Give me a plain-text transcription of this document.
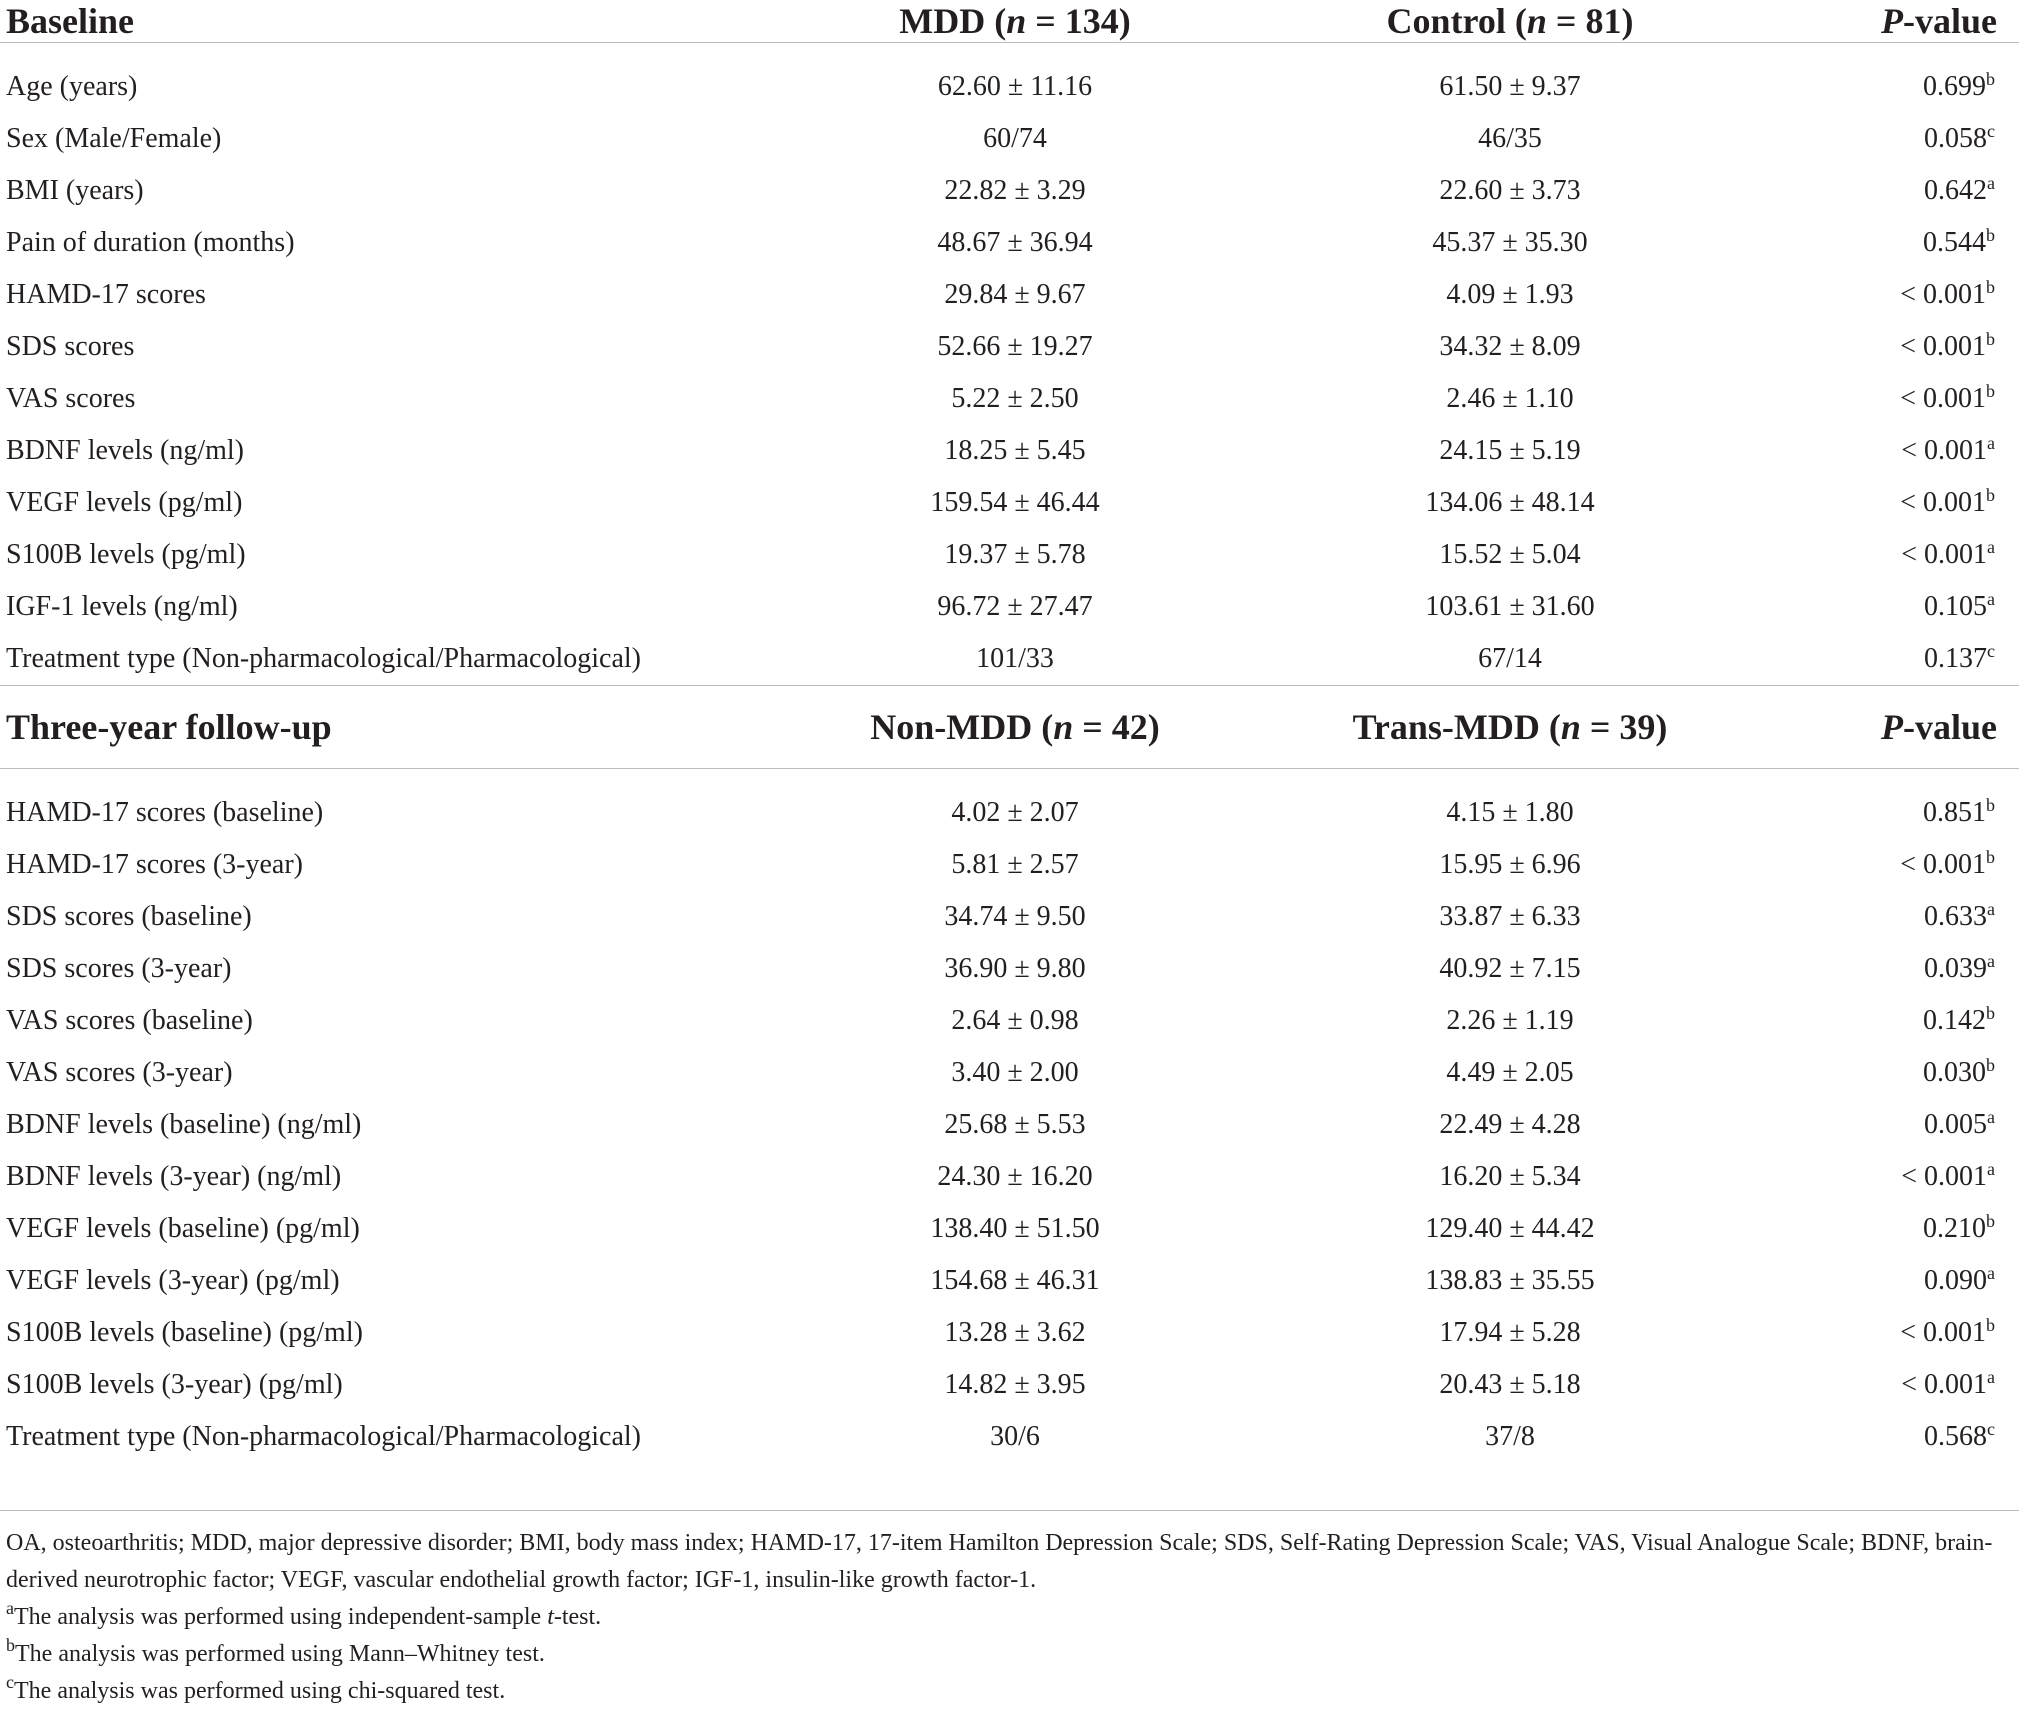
Baseline	MDD (n = 134)	Control (n = 81)	P-value

Age (years)	62.60 ± 11.16	61.50 ± 9.37	0.699$^b$
Sex (Male/Female)	60/74	46/35	0.058$^c$
BMI (years)	22.82 ± 3.29	22.60 ± 3.73	0.642$^a$
Pain of duration (months)	48.67 ± 36.94	45.37 ± 35.30	0.544$^b$
HAMD-17 scores	29.84 ± 9.67	4.09 ± 1.93	< 0.001$^b$
SDS scores	52.66 ± 19.27	34.32 ± 8.09	< 0.001$^b$
VAS scores	5.22 ± 2.50	2.46 ± 1.10	< 0.001$^b$
BDNF levels (ng/ml)	18.25 ± 5.45	24.15 ± 5.19	< 0.001$^a$
VEGF levels (pg/ml)	159.54 ± 46.44	134.06 ± 48.14	< 0.001$^b$
S100B levels (pg/ml)	19.37 ± 5.78	15.52 ± 5.04	< 0.001$^a$
IGF-1 levels (ng/ml)	96.72 ± 27.47	103.61 ± 31.60	0.105$^a$
Treatment type (Non-pharmacological/Pharmacological)	101/33	67/14	0.137$^c$
Three-year follow-up	Non-MDD (n = 42)	Trans-MDD (n = 39)	P-value

HAMD-17 scores (baseline)	4.02 ± 2.07	4.15 ± 1.80	0.851$^b$
HAMD-17 scores (3-year)	5.81 ± 2.57	15.95 ± 6.96	< 0.001$^b$
SDS scores (baseline)	34.74 ± 9.50	33.87 ± 6.33	0.633$^a$
SDS scores (3-year)	36.90 ± 9.80	40.92 ± 7.15	0.039$^a$
VAS scores (baseline)	2.64 ± 0.98	2.26 ± 1.19	0.142$^b$
VAS scores (3-year)	3.40 ± 2.00	4.49 ± 2.05	0.030$^b$
BDNF levels (baseline) (ng/ml)	25.68 ± 5.53	22.49 ± 4.28	0.005$^a$
BDNF levels (3-year) (ng/ml)	24.30 ± 16.20	16.20 ± 5.34	< 0.001$^a$
VEGF levels (baseline) (pg/ml)	138.40 ± 51.50	129.40 ± 44.42	0.210$^b$
VEGF levels (3-year) (pg/ml)	154.68 ± 46.31	138.83 ± 35.55	0.090$^a$
S100B levels (baseline) (pg/ml)	13.28 ± 3.62	17.94 ± 5.28	< 0.001$^b$
S100B levels (3-year) (pg/ml)	14.82 ± 3.95	20.43 ± 5.18	< 0.001$^a$
Treatment type (Non-pharmacological/Pharmacological)	30/6	37/8	0.568$^c$

OA, osteoarthritis; MDD, major depressive disorder; BMI, body mass index; HAMD-17, 17-item Hamilton Depression Scale; SDS, Self-Rating Depression Scale; VAS, Visual Analogue Scale; BDNF, brain-derived neurotrophic factor; VEGF, vascular endothelial growth factor; IGF-1, insulin-like growth factor-1.

$^a$The analysis was performed using independent-sample t-test.

$^b$The analysis was performed using Mann–Whitney test.

$^c$The analysis was performed using chi-squared test.
